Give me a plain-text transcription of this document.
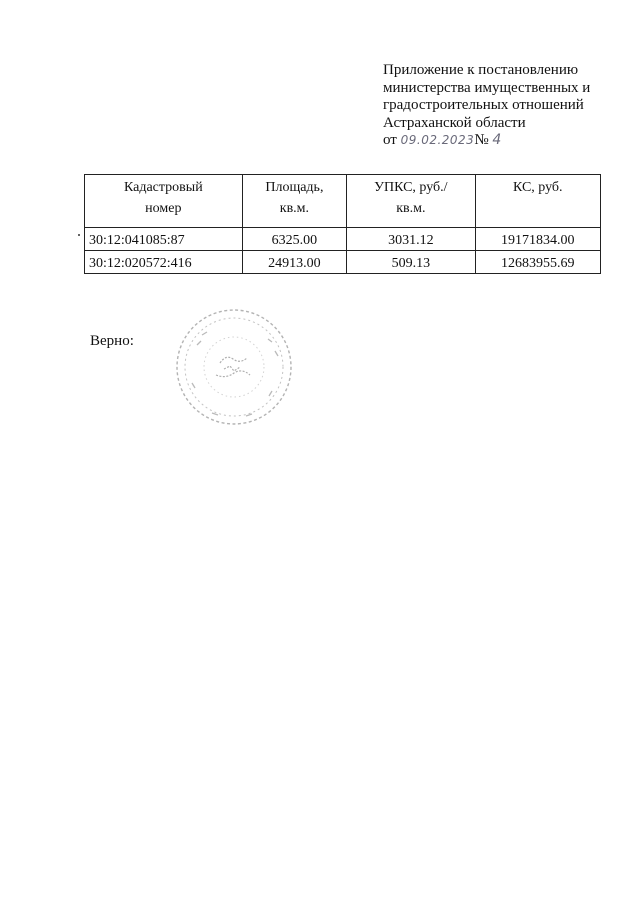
Приложение к постановлению
министерства имущественных и
градостроительных отношений
Астраханской области
от 09.02.2023№ 4
Кадастровый номер	Площадь, кв.м.	УПКС, руб./кв.м.	КС, руб.
30:12:041085:87	6325.00	3031.12	19171834.00
30:12:020572:416	24913.00	509.13	12683955.69
Верно:
